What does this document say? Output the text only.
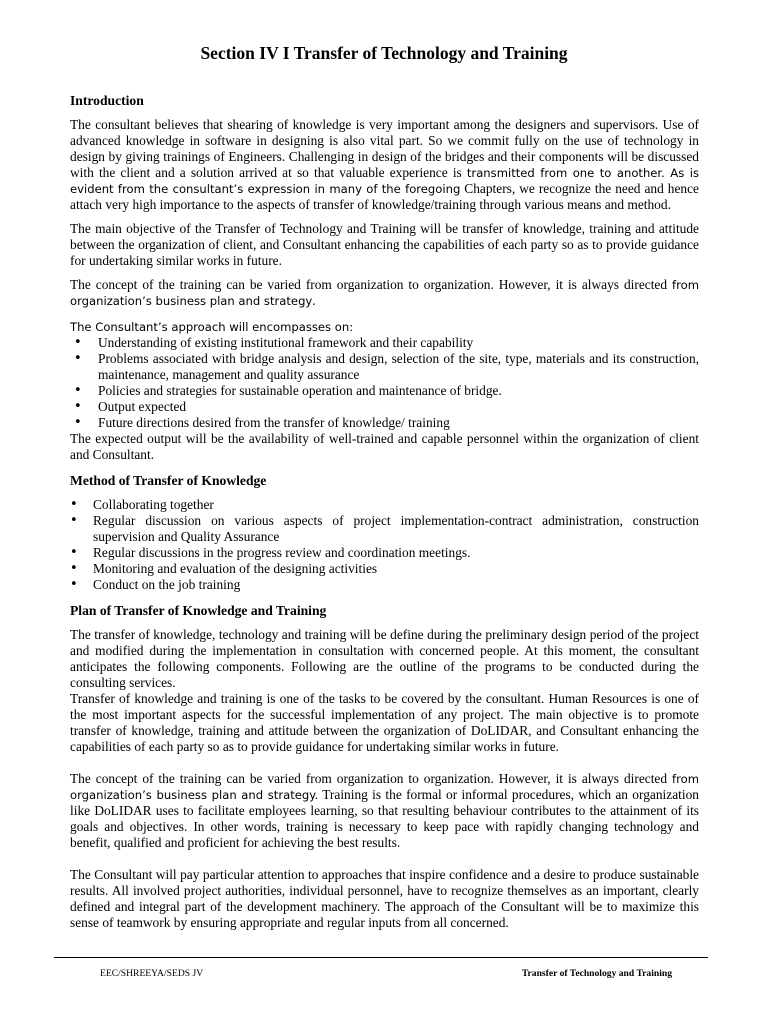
Section IV I Transfer of Technology and Training
Introduction

The consultant believes that shearing of knowledge is very important among the designers and supervisors. Use of advanced knowledge in software in designing is also vital part. So we commit fully on the use of technology in design by giving trainings of Engineers. Challenging in design of the bridges and their components will be discussed with the client and a solution arrived at so that valuable experience is transmitted from one to another. As is evident from the consultant’s expression in many of the foregoing Chapters, we recognize the need and hence attach very high importance to the aspects of transfer of knowledge/training through various means and method.

The main objective of the Transfer of Technology and Training will be transfer of knowledge, training and attitude between the organization of client, and Consultant enhancing the capabilities of each party so as to provide guidance for undertaking similar works in future.

The concept of the training can be varied from organization to organization. However, it is always directed from organization’s business plan and strategy.

The Consultant’s approach will encompasses on:

• Understanding of existing institutional framework and their capability
• Problems associated with bridge analysis and design, selection of the site, type, materials and its construction, maintenance, management and quality assurance
• Policies and strategies for sustainable operation and maintenance of bridge.
• Output expected
• Future directions desired from the transfer of knowledge/ training

The expected output will be the availability of well-trained and capable personnel within the organization of client and Consultant.

Method of Transfer of Knowledge
• Collaborating together
• Regular discussion on various aspects of project implementation-contract administration, construction supervision and Quality Assurance
• Regular discussions in the progress review and coordination meetings.
• Monitoring and evaluation of the designing activities
• Conduct on the job training
Plan of Transfer of Knowledge and Training

The transfer of knowledge, technology and training will be define during the preliminary design period of the project and modified during the implementation in consultation with concerned people. At this moment, the consultant anticipates the following components. Following are the outline of the programs to be conducted during the consulting services.

Transfer of knowledge and training is one of the tasks to be covered by the consultant. Human Resources is one of the most important aspects for the successful implementation of any project. The main objective is to promote transfer of knowledge, training and attitude between the organization of DoLIDAR, and Consultant enhancing the capabilities of each party so as to provide guidance for undertaking similar works in future.

The concept of the training can be varied from organization to organization. However, it is always directed from organization’s business plan and strategy. Training is the formal or informal procedures, which an organization like DoLIDAR uses to facilitate employees learning, so that resulting behaviour contributes to the attainment of its goals and objectives. In other words, training is necessary to keep pace with rapidly changing technology and benefit, qualified and proficient for achieving the best results.

The Consultant will pay particular attention to approaches that inspire confidence and a desire to produce sustainable results. All involved project authorities, individual personnel, have to recognize themselves as an important, clearly defined and integral part of the development machinery. The approach of the Consultant will be to maximize this sense of teamwork by ensuring appropriate and regular inputs from all concerned.

EEC/SHREEYA/SEDS JV	Transfer of Technology and Training
